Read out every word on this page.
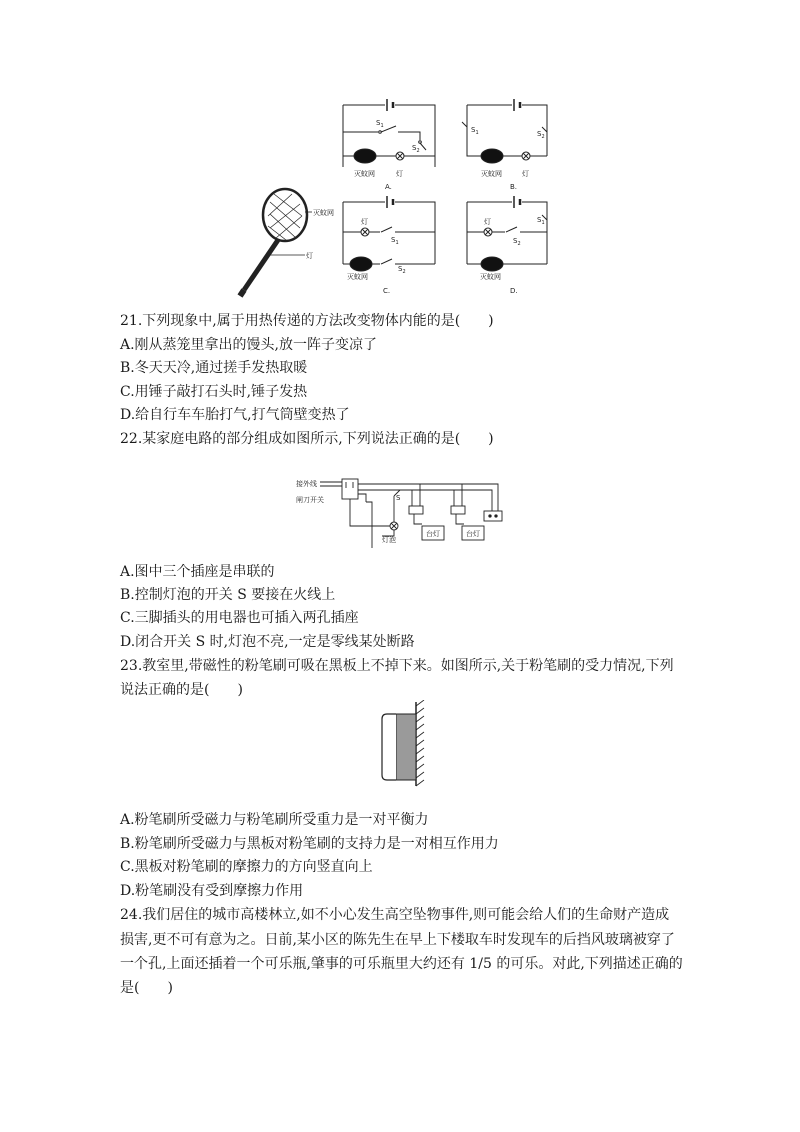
$S_1$
$S_2$
灭蚊网	灯
A.
$S_1$	$S_2$
灭蚊网	灯
B.
灯
$S_1$
灭蚊网
$S_2$
C.
灯	$S_1$
$S_2$
灭蚊网
D.
灭蚊网
灯
21.下列现象中,属于用热传递的方法改变物体内能的是(　　)
A.刚从蒸笼里拿出的馒头,放一阵子变凉了
B.冬天天冷,通过搓手发热取暖
C.用锤子敲打石头时,锤子发热
D.给自行车车胎打气,打气筒壁变热了
22.某家庭电路的部分组成如图所示,下列说法正确的是(　　)
接外线
闸刀开关	S
灯泡
台灯	台灯
A.图中三个插座是串联的
B.控制灯泡的开关 S 要接在火线上
C.三脚插头的用电器也可插入两孔插座
D.闭合开关 S 时,灯泡不亮,一定是零线某处断路
23.教室里,带磁性的粉笔刷可吸在黑板上不掉下来。如图所示,关于粉笔刷的受力情况,下列
说法正确的是(　　)
A.粉笔刷所受磁力与粉笔刷所受重力是一对平衡力
B.粉笔刷所受磁力与黑板对粉笔刷的支持力是一对相互作用力
C.黑板对粉笔刷的摩擦力的方向竖直向上
D.粉笔刷没有受到摩擦力作用
24.我们居住的城市高楼林立,如不小心发生高空坠物事件,则可能会给人们的生命财产造成
损害,更不可有意为之。日前,某小区的陈先生在早上下楼取车时发现车的后挡风玻璃被穿了
一个孔,上面还插着一个可乐瓶,肇事的可乐瓶里大约还有 1/5 的可乐。对此,下列描述正确的
是(　　)
